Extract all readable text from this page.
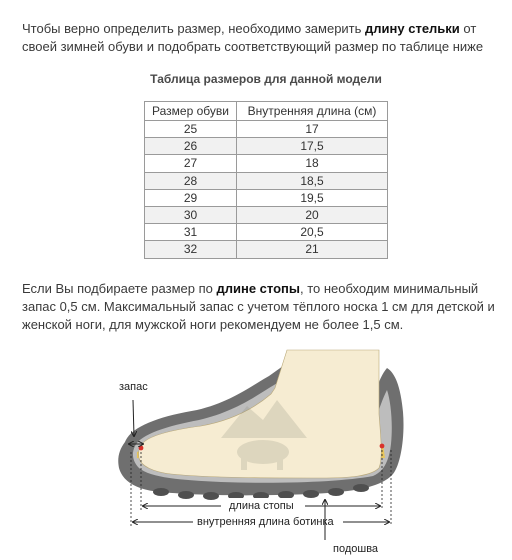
Чтобы верно определить размер, необходимо замерить длину стельки от своей зимней обуви и подобрать соответствующий размер по таблице ниже
Таблица размеров для данной модели
Размер обуви	Внутренняя длина (см)
25	17
26	17,5
27	18
28	18,5
29	19,5
30	20
31	20,5
32	21
Если Вы подбираете размер по длине стопы, то необходим минимальный запас 0,5 см. Максимальный запас с учетом тёплого носка 1 см для детской и женской ноги, для мужской ноги рекомендуем не более 1,5 см.
запас
длина стопы
внутренняя длина ботинка
подошва
